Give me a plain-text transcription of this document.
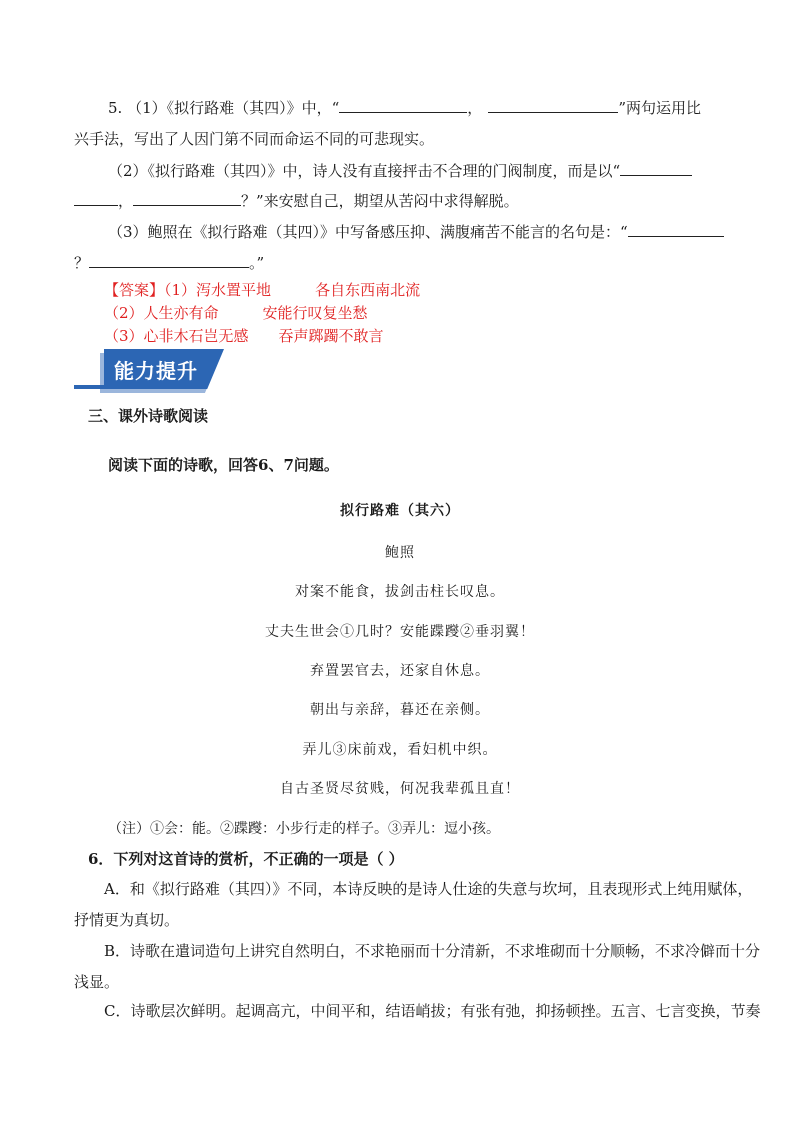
5. （1）《拟行路难（其四）》中，“	，	”两句运用比
兴手法，写出了人因门第不同而命运不同的可悲现实。
（2）《拟行路难（其四）》中，诗人没有直接抨击不合理的门阀制度，而是以“
，	？”来安慰自己，期望从苦闷中求得解脱。
（3）鲍照在《拟行路难（其四）》中写备感压抑、满腹痛苦不能言的名句是：“
？	。”
【答案】（1）泻水置平地	各自东西南北流
（2）人生亦有命	安能行叹复坐愁
（3）心非木石岂无感 吞声踯躅不敢言
能力提升
三、课外诗歌阅读
阅读下面的诗歌，回答6、7问题。
拟行路难（其六）
鲍照
对案不能食，拔剑击柱长叹息。
丈夫生世会①几时？安能蹀躞②垂羽翼！
弃置罢官去，还家自休息。
朝出与亲辞，暮还在亲侧。
弄儿③床前戏，看妇机中织。
自古圣贤尽贫贱，何况我辈孤且直！
（注）①会：能。②蹀躞：小步行走的样子。③弄儿：逗小孩。
6．下列对这首诗的赏析，不正确的一项是（ ）
A．和《拟行路难（其四）》不同，本诗反映的是诗人仕途的失意与坎坷，且表现形式上纯用赋体，
抒情更为真切。
B．诗歌在遣词造句上讲究自然明白，不求艳丽而十分清新，不求堆砌而十分顺畅，不求冷僻而十分
浅显。
C．诗歌层次鲜明。起调高亢，中间平和，结语峭拔；有张有弛，抑扬顿挫。五言、七言变换，节奏
